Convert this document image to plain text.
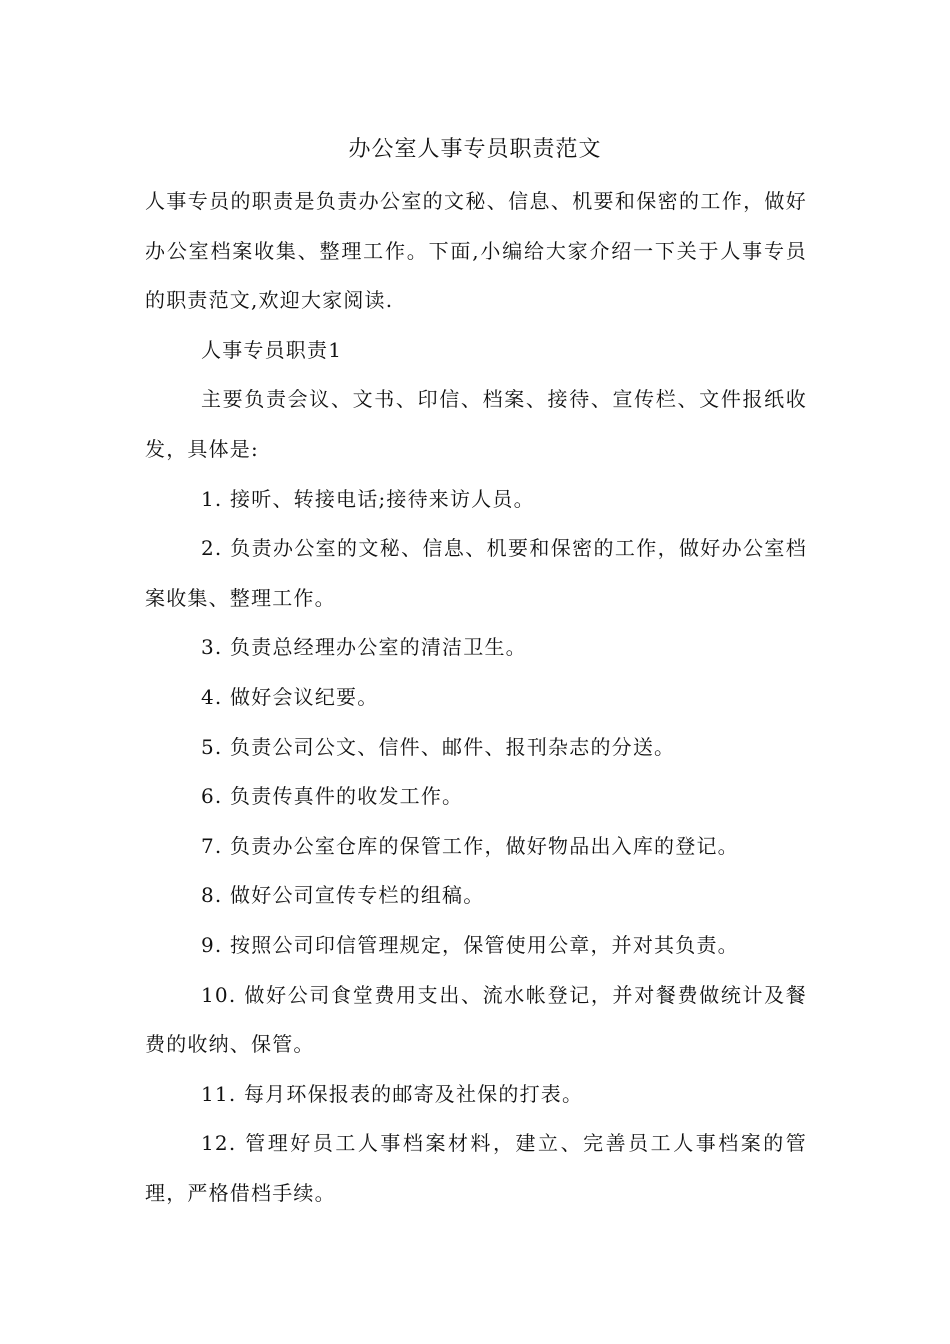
办公室人事专员职责范文

人事专员的职责是负责办公室的文秘、信息、机要和保密的工作，做好办公室档案收集、整理工作。下面,小编给大家介绍一下关于人事专员的职责范文,欢迎大家阅读.

人事专员职责1

主要负责会议、文书、印信、档案、接待、宣传栏、文件报纸收发，具体是:

1. 接听、转接电话;接待来访人员。

2. 负责办公室的文秘、信息、机要和保密的工作，做好办公室档案收集、整理工作。

3. 负责总经理办公室的清洁卫生。

4. 做好会议纪要。

5. 负责公司公文、信件、邮件、报刊杂志的分送。

6. 负责传真件的收发工作。

7. 负责办公室仓库的保管工作，做好物品出入库的登记。

8. 做好公司宣传专栏的组稿。

9. 按照公司印信管理规定，保管使用公章，并对其负责。

10. 做好公司食堂费用支出、流水帐登记，并对餐费做统计及餐费的收纳、保管。

11. 每月环保报表的邮寄及社保的打表。

12. 管理好员工人事档案材料，建立、完善员工人事档案的管理，严格借档手续。
